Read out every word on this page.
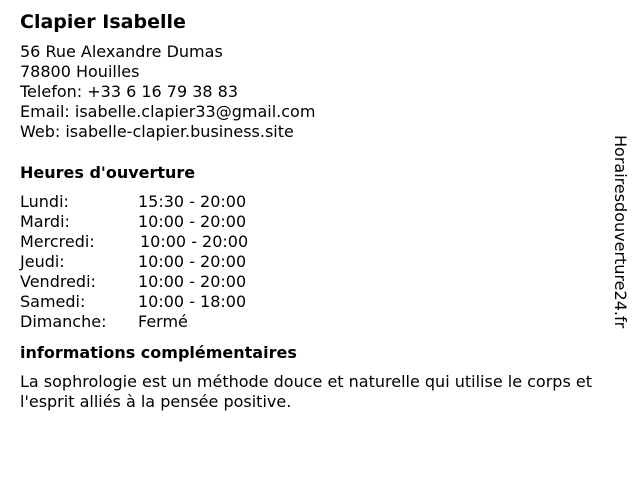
Clapier Isabelle
56 Rue Alexandre Dumas
78800 Houilles
Telefon: +33 6 16 79 38 83
Email: isabelle.clapier33@gmail.com
Web: isabelle-clapier.business.site
Heures d'ouverture
Lundi:	15:30 - 20:00
Mardi:	10:00 - 20:00
Mercredi:	10:00 - 20:00
Jeudi:	10:00 - 20:00
Vendredi:	10:00 - 20:00
Samedi:	10:00 - 18:00
Dimanche:	Fermé
informations complémentaires
La sophrologie est un méthode douce et naturelle qui utilise le corps et l'esprit alliés à la pensée positive.
Horairesdouverture24.fr
